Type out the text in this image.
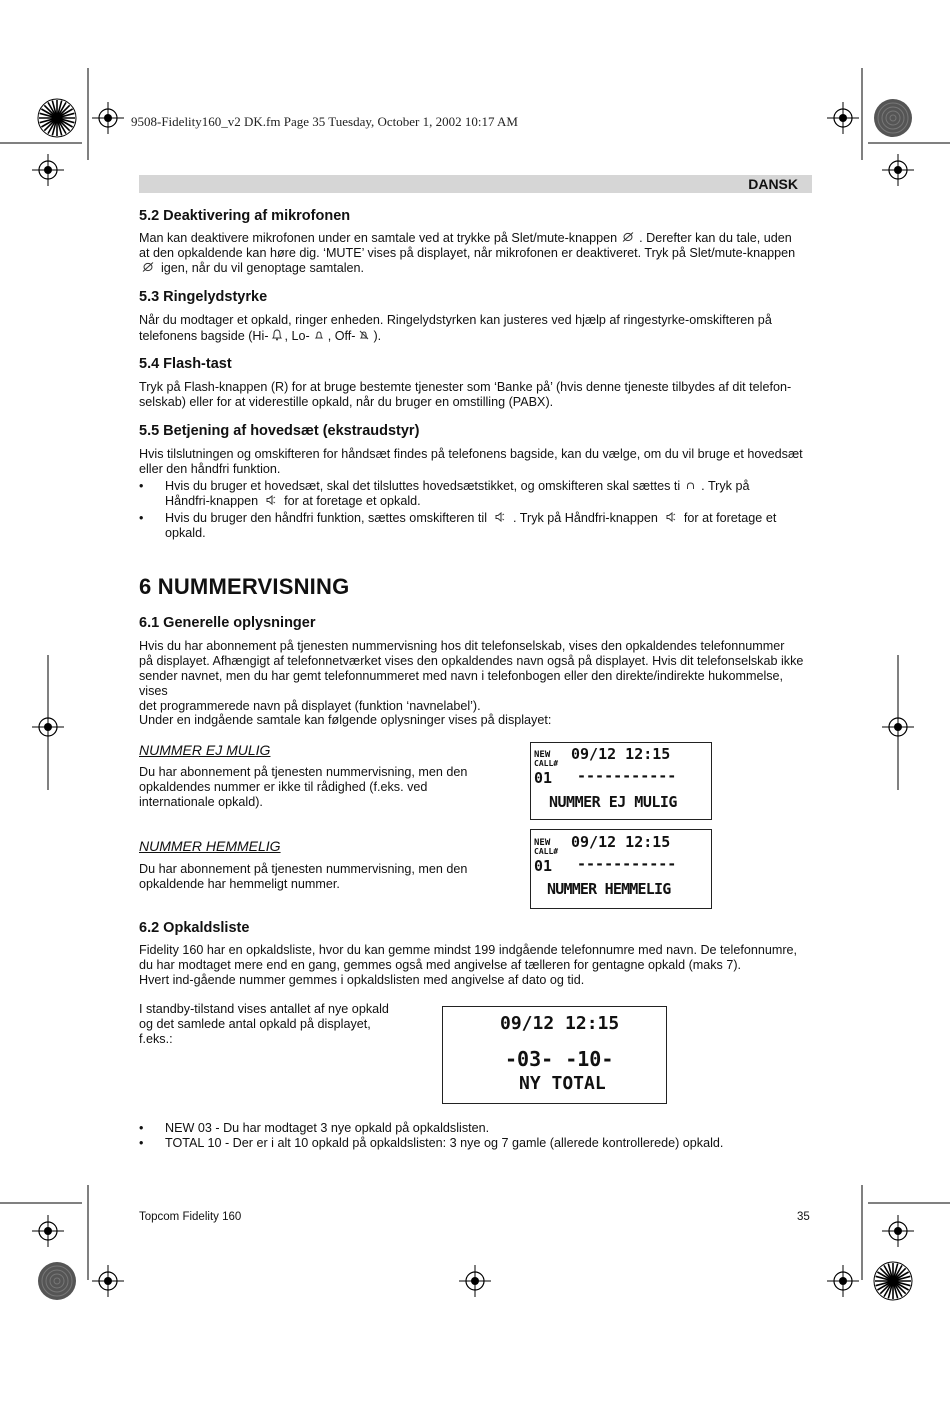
9508-Fidelity160_v2 DK.fm Page 35 Tuesday, October 1, 2002 10:17 AM
DANSK
5.2 Deaktivering af mikrofonen
Man kan deaktivere mikrofonen under en samtale ved at trykke på Slet/mute-knappen . Derefter kan du tale, uden
at den opkaldende kan høre dig. ‘MUTE’ vises på displayet, når mikrofonen er deaktiveret. Tryk på Slet/mute-knappen
igen, når du vil genoptage samtalen.
5.3 Ringelydstyrke
Når du modtager et opkald, ringer enheden. Ringelydstyrken kan justeres ved hjælp af ringestyrke-omskifteren på
telefonens bagside (Hi- , Lo- , Off- ).
5.4 Flash-tast
Tryk på Flash-knappen (R) for at bruge bestemte tjenester som ‘Banke på’ (hvis denne tjeneste tilbydes af dit telefon-
selskab) eller for at viderestille opkald, når du bruger en omstilling (PABX).
5.5 Betjening af hovedsæt (ekstraudstyr)
Hvis tilslutningen og omskifteren for håndsæt findes på telefonens bagside, kan du vælge, om du vil bruge et hovedsæt
eller den håndfri funktion.
• Hvis du bruger et hovedsæt, skal det tilsluttes hovedsætstikket, og omskifteren skal sættes ti . Tryk på
Håndfri-knappen for at foretage et opkald.
• Hvis du bruger den håndfri funktion, sættes omskifteren til . Tryk på Håndfri-knappen for at foretage et
opkald.
6 NUMMERVISNING
6.1 Generelle oplysninger
Hvis du har abonnement på tjenesten nummervisning hos dit telefonselskab, vises den opkaldendes telefonnummer
på displayet. Afhængigt af telefonnetværket vises den opkaldendes navn også på displayet. Hvis dit telefonselskab ikke
sender navnet, men du har gemt telefonnummeret med navn i telefonbogen eller den direkte/indirekte hukommelse, vises
det programmerede navn på displayet (funktion ‘navnelabel’).
Under en indgående samtale kan følgende oplysninger vises på displayet:
NUMMER EJ MULIG
Du har abonnement på tjenesten nummervisning, men den
opkaldendes nummer er ikke til rådighed (f.eks. ved
internationale opkald).
NUMMER HEMMELIG
Du har abonnement på tjenesten nummervisning, men den
opkaldende har hemmeligt nummer.
NEW
CALL#
09/12 12:15
01 -----------
NUMMER EJ MULIG
NEW
CALL#
09/12 12:15
01 -----------
NUMMER HEMMELIG
6.2 Opkaldsliste
Fidelity 160 har en opkaldsliste, hvor du kan gemme mindst 199 indgående telefonnumre med navn. De telefonnumre,
du har modtaget mere end en gang, gemmes også med angivelse af tælleren for gentagne opkald (maks 7).
Hvert ind-gående nummer gemmes i opkaldslisten med angivelse af dato og tid.
I standby-tilstand vises antallet af nye opkald
og det samlede antal opkald på displayet,
f.eks.:
09/12 12:15
-03- -10-
NY TOTAL
• NEW 03 - Du har modtaget 3 nye opkald på opkaldslisten.
• TOTAL 10 - Der er i alt 10 opkald på opkaldslisten: 3 nye og 7 gamle (allerede kontrollerede) opkald.
Topcom Fidelity 160	35
